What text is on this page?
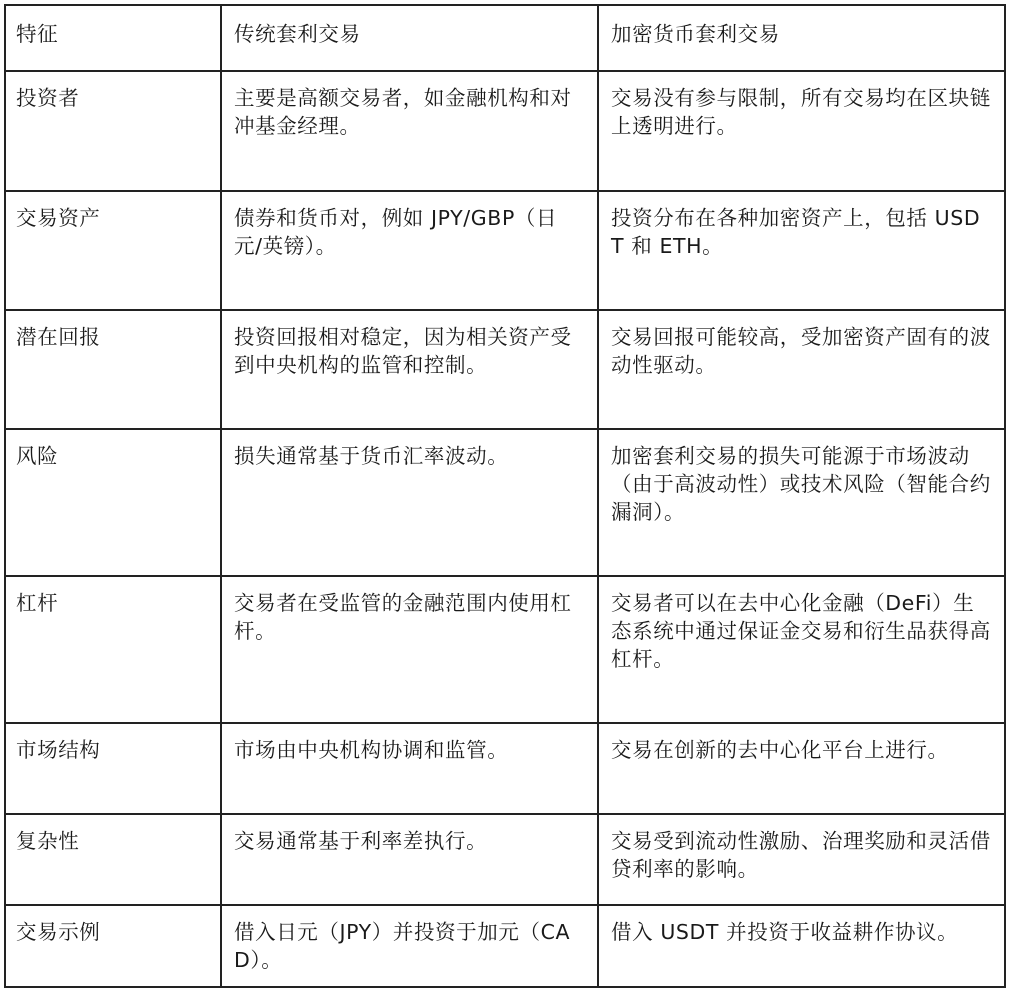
特征	传统套利交易	加密货币套利交易
投资者	主要是高额交易者，如金融机构和对冲基金经理。	交易没有参与限制，所有交易均在区块链上透明进行。
交易资产	债券和货币对，例如 JPY/GBP（日元/英镑）。	投资分布在各种加密资产上，包括 USDT 和 ETH。
潜在回报	投资回报相对稳定，因为相关资产受到中央机构的监管和控制。	交易回报可能较高，受加密资产固有的波动性驱动。
风险	损失通常基于货币汇率波动。	加密套利交易的损失可能源于市场波动（由于高波动性）或技术风险（智能合约漏洞）。
杠杆	交易者在受监管的金融范围内使用杠杆。	交易者可以在去中心化金融（DeFi）生态系统中通过保证金交易和衍生品获得高杠杆。
市场结构	市场由中央机构协调和监管。	交易在创新的去中心化平台上进行。
复杂性	交易通常基于利率差执行。	交易受到流动性激励、治理奖励和灵活借贷利率的影响。
交易示例	借入日元（JPY）并投资于加元（CAD）。	借入 USDT 并投资于收益耕作协议。
